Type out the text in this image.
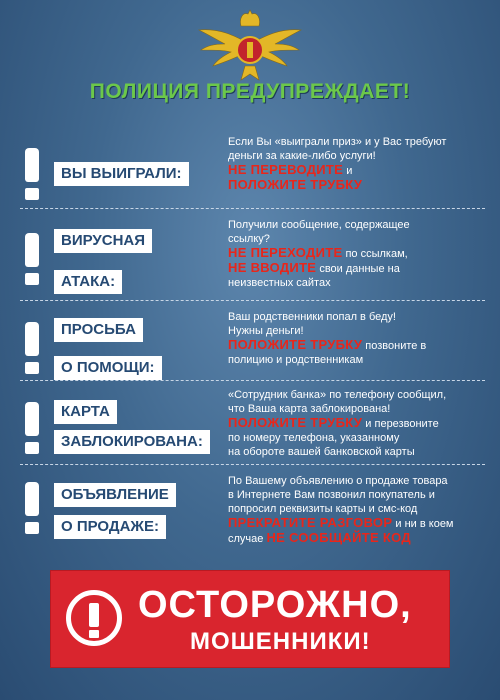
ПОЛИЦИЯ ПРЕДУПРЕЖДАЕТ!
ВЫ ВЫИГРАЛИ:
Если Вы «выиграли приз» и у Вас требуют
деньги за какие-либо услуги!
НЕ ПЕРЕВОДИТЕ и
ПОЛОЖИТЕ ТРУБКУ
ВИРУСНАЯ
АТАКА:
Получили сообщение, содержащее
ссылку?
НЕ ПЕРЕХОДИТЕ по ссылкам,
НЕ ВВОДИТЕ свои данные на
неизвестных сайтах
ПРОСЬБА
О ПОМОЩИ:
Ваш родственники попал в беду!
Нужны деньги!
ПОЛОЖИТЕ ТРУБКУ позвоните в
полицию и родственникам
КАРТА
ЗАБЛОКИРОВАНА:
«Сотрудник банка» по телефону сообщил,
что Ваша карта заблокирована!
ПОЛОЖИТЕ ТРУБКУ и перезвоните
по номеру телефона, указанному
на обороте вашей банковской карты
ОБЪЯВЛЕНИЕ
О ПРОДАЖЕ:
По Вашему объявлению о продаже товара
в Интернете Вам позвонил покупатель и
попросил реквизиты карты и смс-код
ПРЕКРАТИТЕ РАЗГОВОР и ни в коем
случае НЕ СООБЩАЙТЕ КОД
ОСТОРОЖНО,
МОШЕННИКИ!
